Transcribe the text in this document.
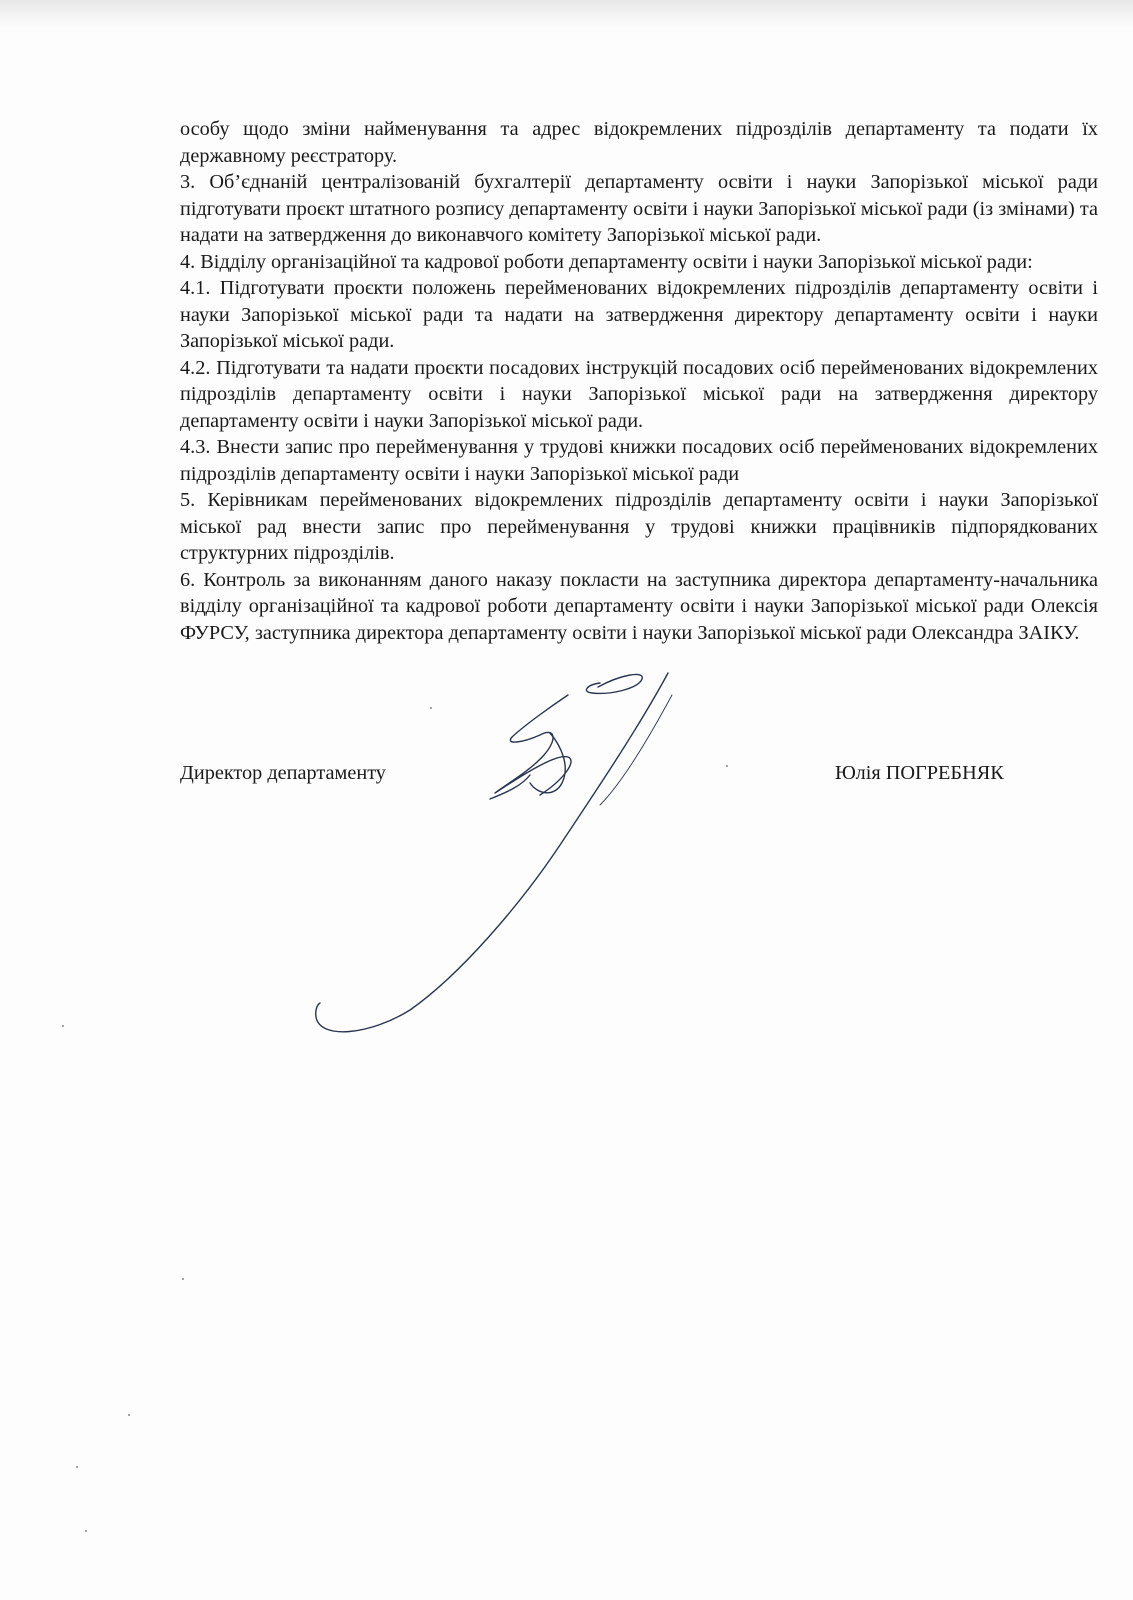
особу щодо зміни найменування та адрес відокремлених підрозділів департаменту та подати їх державному реєстратору.

3. Об’єднаній централізованій бухгалтерії департаменту освіти і науки Запорізької міської ради підготувати проєкт штатного розпису департаменту освіти і науки Запорізької міської ради (із змінами) та надати на затвердження до виконавчого комітету Запорізької міської ради.

4. Відділу організаційної та кадрової роботи департаменту освіти і науки Запорізької міської ради:

4.1. Підготувати проєкти положень перейменованих відокремлених підрозділів департаменту освіти і науки Запорізької міської ради та надати на затвердження директору департаменту освіти і науки Запорізької міської ради.

4.2. Підготувати та надати проєкти посадових інструкцій посадових осіб перейменованих відокремлених підрозділів департаменту освіти і науки Запорізької міської ради на затвердження директору департаменту освіти і науки Запорізької міської ради.

4.3. Внести запис про перейменування у трудові книжки посадових осіб перейменованих відокремлених підрозділів департаменту освіти і науки Запорізької міської ради

5. Керівникам перейменованих відокремлених підрозділів департаменту освіти і науки Запорізької міської рад внести запис про перейменування у трудові книжки працівників підпорядкованих структурних підрозділів.

6. Контроль за виконанням даного наказу покласти на заступника директора департаменту-начальника відділу організаційної та кадрової роботи департаменту освіти і науки Запорізької міської ради Олексія ФУРСУ, заступника директора департаменту освіти і науки Запорізької міської ради Олександра ЗАІКУ.

Директор департаменту	Юлія ПОГРЕБНЯК
